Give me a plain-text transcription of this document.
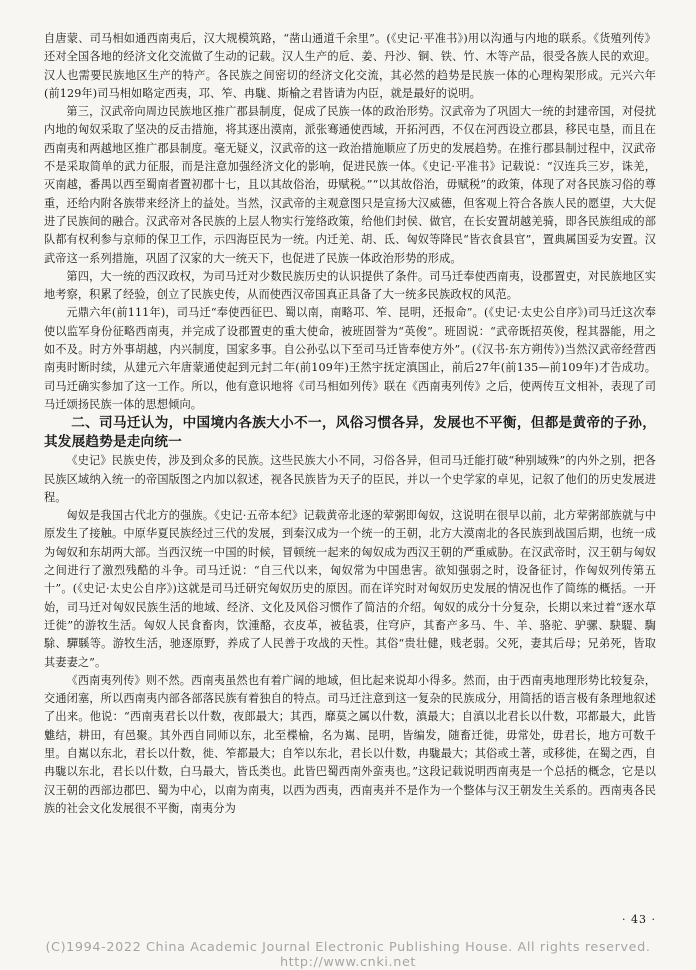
自唐蒙、司马相如通西南夷后，汉大规模筑路，“凿山通道千余里”。(《史记·平准书》)用以沟通与内地的联系。《货殖列传》还对全国各地的经济文化交流做了生动的记载。汉人生产的卮、姜、丹沙、铜、铁、竹、木等产品，很受各族人民的欢迎。汉人也需要民族地区生产的特产。各民族之间密切的经济文化交流，其必然的趋势是民族一体的心理构架形成。元兴六年(前129年)司马相如略定西夷，邛、笮、冉駹、斯榆之君皆请为内臣，就是最好的说明。

第三，汉武帝向周边民族地区推广郡县制度，促成了民族一体的政治形势。汉武帝为了巩固大一统的封建帝国，对侵扰内地的匈奴采取了坚决的反击措施，将其逐出漠南，派张骞通使西域，开拓河西，不仅在河西设立郡县，移民屯垦，而且在西南夷和两越地区推广郡县制度。毫无疑义，汉武帝的这一政治措施顺应了历史的发展趋势。在推行郡县制过程中，汉武帝不是采取简单的武力征服，而是注意加强经济文化的影响，促进民族一体。《史记·平准书》记载说：“汉连兵三岁，诛羌，灭南越，番禺以西至蜀南者置初郡十七，且以其故俗治，毋赋税。”“以其故俗治，毋赋税”的政策，体现了对各民族习俗的尊重，还给内附各族带来经济上的益处。当然，汉武帝的主观意图只是宣扬大汉威德，但客观上符合各族人民的愿望，大大促进了民族间的融合。汉武帝对各民族的上层人物实行笼络政策，给他们封侯、做官，在长安置胡越羌骑，即各民族组成的部队都有权利参与京师的保卫工作，示四海臣民为一统。内迁羌、胡、氐、匈奴等降民“皆衣食县官”，置典属国妥为安置。汉武帝这一系列措施，巩固了汉家的大一统天下，也促进了民族一体政治形势的形成。

第四，大一统的西汉政权，为司马迁对少数民族历史的认识提供了条件。司马迁奉使西南夷，设郡置吏，对民族地区实地考察，积累了经验，创立了民族史传，从而使西汉帝国真正具备了大一统多民族政权的风范。

元鼎六年(前111年)，司马迁“奉使西征巴、蜀以南，南略邛、笮、昆明，还报命”。(《史记·太史公自序》)司马迁这次奉使以监军身份征略西南夷，并完成了设郡置吏的重大使命，被班固誉为“英俊”。班固说：“武帝既招英俊，程其器能，用之如不及。时方外事胡越，内兴制度，国家多事。自公孙弘以下至司马迁皆奉使方外”。(《汉书·东方朔传》)当然汉武帝经营西南夷时断时续，从建元六年唐蒙通使起到元封二年(前109年)王然宇抚定滇国止，前后27年(前135—前109年)才告成功。司马迁确实参加了这一工作。所以，他有意识地将《司马相如列传》联在《西南夷列传》之后，使两传互文相补，表现了司马迁颂扬民族一体的思想倾向。

二、司马迁认为，中国境内各族大小不一，风俗习惯各异，发展也不平衡，但都是黄帝的子孙，其发展趋势是走向统一

《史记》民族史传，涉及到众多的民族。这些民族大小不同，习俗各异，但司马迁能打破“种别域殊”的内外之别，把各民族区域纳入统一的帝国版图之内加以叙述，视各民族皆为天子的臣民，并以一个史学家的卓见，记叙了他们的历史发展进程。

匈奴是我国古代北方的强族。《史记·五帝本纪》记载黄帝北逐的荤粥即匈奴，这说明在很早以前，北方荤粥部族就与中原发生了接触。中原华夏民族经过三代的发展，到秦汉成为一个统一的王朝，北方大漠南北的各民族到战国后期，也统一成为匈奴和东胡两大部。当西汉统一中国的时候，冒顿统一起来的匈奴成为西汉王朝的严重威胁。在汉武帝时，汉王朝与匈奴之间进行了激烈残酷的斗争。司马迁说：“自三代以来，匈奴常为中国患害。欲知强弱之时，设备征讨，作匈奴列传第五十”。(《史记·太史公自序》)这就是司马迁研究匈奴历史的原因。而在详究时对匈奴历史发展的情况也作了简练的概括。一开始，司马迁对匈奴民族生活的地域、经济、文化及风俗习惯作了简洁的介绍。匈奴的成分十分复杂，长期以来过着“逐水草迁徙”的游牧生活。匈奴人民食畜肉，饮湩酪，衣皮革，被毡裘，住穹庐，其畜产多马、牛、羊、骆驼、驴骡、駃騠、騊駼、驒騱等。游牧生活，驰逐原野，养成了人民善于攻战的天性。其俗“贵壮健，贱老弱。父死，妻其后母；兄弟死，皆取其妻妻之”。

《西南夷列传》则不然。西南夷虽然也有着广阔的地域，但比起来说却小得多。然而，由于西南夷地理形势比较复杂，交通闭塞，所以西南夷内部各部落民族有着独自的特点。司马迁注意到这一复杂的民族成分，用简括的语言极有条理地叙述了出来。他说：“西南夷君长以什数，夜郎最大；其西，靡莫之属以什数，滇最大；自滇以北君长以什数，邛都最大，此皆魋结，耕田，有邑聚。其外西自同师以东，北至楪榆，名为嶲、昆明，皆编发，随畜迁徙，毋常处，毋君长，地方可数千里。自嶲以东北，君长以什数，徙、笮都最大；自笮以东北，君长以什数，冉駹最大；其俗或土著，或移徙，在蜀之西，自冉駹以东北，君长以什数，白马最大，皆氐类也。此皆巴蜀西南外蛮夷也。”这段记载说明西南夷是一个总括的概念，它是以汉王朝的西部边郡巴、蜀为中心，以南为南夷，以西为西夷，西南夷并不是作为一个整体与汉王朝发生关系的。西南夷各民族的社会文化发展很不平衡，南夷分为

· 43 ·
(C)1994-2022 China Academic Journal Electronic Publishing House. All rights reserved. http://www.cnki.net
